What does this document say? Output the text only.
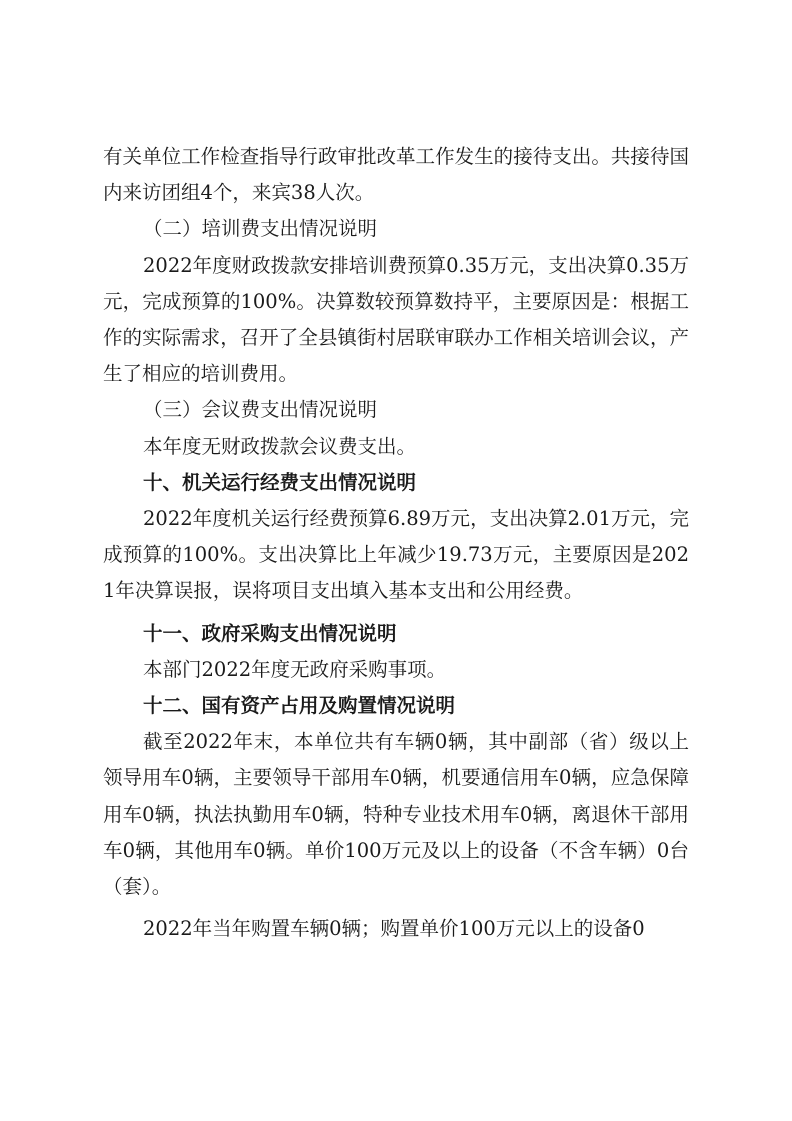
有关单位工作检查指导行政审批改革工作发生的接待支出。共接待国内来访团组4个，来宾38人次。

（二）培训费支出情况说明

2022年度财政拨款安排培训费预算0.35万元，支出决算0.35万元，完成预算的100%。决算数较预算数持平，主要原因是：根据工作的实际需求，召开了全县镇街村居联审联办工作相关培训会议，产生了相应的培训费用。

（三）会议费支出情况说明

本年度无财政拨款会议费支出。

十、机关运行经费支出情况说明

2022年度机关运行经费预算6.89万元，支出决算2.01万元，完成预算的100%。支出决算比上年减少19.73万元，主要原因是2021年决算误报，误将项目支出填入基本支出和公用经费。

十一、政府采购支出情况说明

本部门2022年度无政府采购事项。

十二、国有资产占用及购置情况说明

截至2022年末，本单位共有车辆0辆，其中副部（省）级以上领导用车0辆，主要领导干部用车0辆，机要通信用车0辆，应急保障用车0辆，执法执勤用车0辆，特种专业技术用车0辆，离退休干部用车0辆，其他用车0辆。单价100万元及以上的设备（不含车辆）0台（套）。

2022年当年购置车辆0辆；购置单价100万元以上的设备0
